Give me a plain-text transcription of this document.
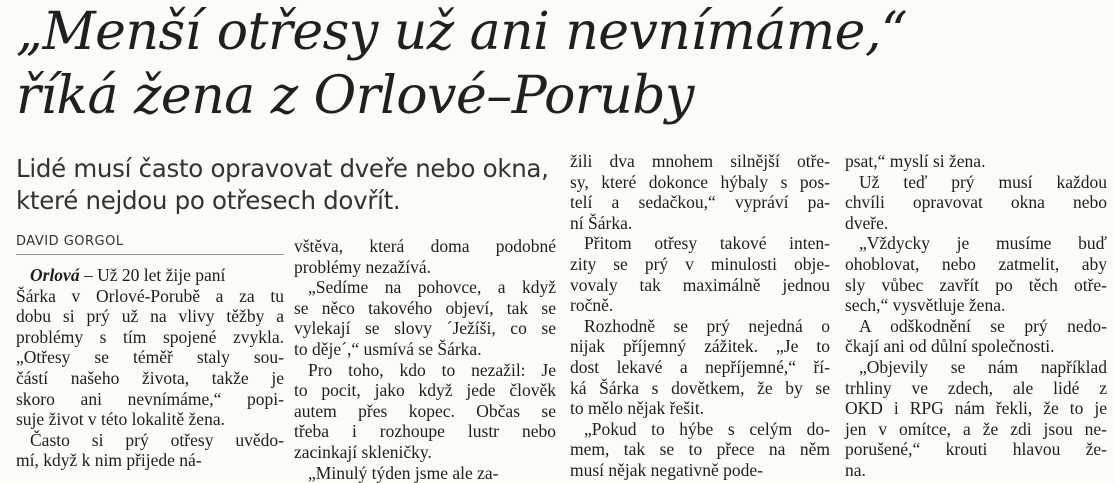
„Menší otřesy už ani nevnímáme,“
říká žena z Orlové–Poruby
Lidé musí často opravovat dveře nebo okna,
které nejdou po otřesech dovřít.
DAVID GORGOL
Orlová – Už 20 let žije paní
Šárka v Orlové-Porubě a za tu
dobu si prý už na vlivy těžby a
problémy s tím spojené zvykla.
„Otřesy se téměř staly sou-
částí našeho života, takže je
skoro ani nevnímáme,“ popi-
suje život v této lokalitě žena.
Často si prý otřesy uvědo-
mí, když k nim přijede ná-
vštěva, která doma podobné
problémy nezažívá.
„Sedíme na pohovce, a když
se něco takového objeví, tak se
vylekají se slovy ´Ježíši, co se
to děje´,“ usmívá se Šárka.
Pro toho, kdo to nezažil: Je
to pocit, jako když jede člověk
autem přes kopec. Občas se
třeba i rozhoupe lustr nebo
zacinkají skleničky.
„Minulý týden jsme ale za-
žili dva mnohem silnější otře-
sy, které dokonce hýbaly s pos-
telí a sedačkou,“ vypráví pa-
ní Šárka.
Přitom otřesy takové inten-
zity se prý v minulosti obje-
vovaly tak maximálně jednou
ročně.
Rozhodně se prý nejedná o
nijak příjemný zážitek. „Je to
dost lekavé a nepříjemné,“ ří-
ká Šárka s dovětkem, že by se
to mělo nějak řešit.
„Pokud to hýbe s celým do-
mem, tak se to přece na něm
musí nějak negativně pode-
psat,“ myslí si žena.
Už teď prý musí každou
chvíli opravovat okna nebo
dveře.
„Vždycky je musíme buď
ohoblovat, nebo zatmelit, aby
sly vůbec zavřít po těch otře-
sech,“ vysvětluje žena.
A odškodnění se prý nedo-
čkají ani od důlní společnosti.
„Objevily se nám například
trhliny ve zdech, ale lidé z
OKD i RPG nám řekli, že to je
jen v omítce, a že zdi jsou ne-
porušené,“ krouti hlavou že-
na.
